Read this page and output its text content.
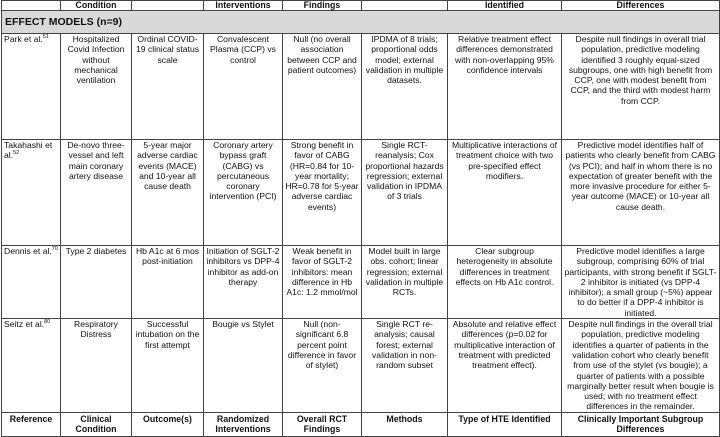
	Condition		Interventions	Findings		Identified	Differences
EFFECT MODELS (n=9)							
Park et al.$^{51}$	Hospitalized Covid Infection without mechanical ventilation	Ordinal COVID-19 clinical status scale	Convalescent Plasma (CCP) vs control	Null (no overall association between CCP and patient outcomes)	IPDMA of 8 trials; proportional odds model; external validation in multiple datasets.	Relative treatment effect differences demonstrated with non-overlapping 95% confidence intervals	Despite null findings in overall trial population, predictive modeling identified 3 roughly equal-sized subgroups, one with high benefit from CCP, one with modest benefit from CCP, and the third with modest harm from CCP.
Takahashi et al.$^{52}$	De-novo three-vessel and left main coronary artery disease	5-year major adverse cardiac events (MACE) and 10-year all cause death	Coronary artery bypass graft (CABG) vs percutaneous coronary intervention (PCI)	Strong benefit in favor of CABG (HR=0.84 for 10-year mortality; HR=0.78 for 5-year adverse cardiac events)	Single RCT-reanalysis; Cox proportional hazards regression; external validation in IPDMA of 3 trials	Multiplicative interactions of treatment choice with two pre-specified effect modifiers.	Predictive model identifies half of patients who clearly benefit from CABG (vs PCI); and half in whom there is no expectation of greater benefit with the more invasive procedure for either 5-year outcome (MACE) or 10-year all cause death.
Dennis et al.$^{70}$	Type 2 diabetes	Hb A1c at 6 mos post-initiation	Initiation of SGLT-2 inhibitors vs DPP-4 inhibitor as add-on therapy	Weak benefit in favor of SGLT-2 inhibitors: mean difference in Hb A1c: 1.2 mmol/mol	Model built in large obs. cohort; linear regression; external validation in multiple RCTs.	Clear subgroup heterogeneity in absolute differences in treatment effects on Hb A1c control.	Predictive model identifies a large subgroup, comprising 60% of trial participants, with strong benefit if SGLT-2 inhibitor is initiated (vs DPP-4 inhibitor); a small group (~5%) appear to do better if a DPP-4 inhibitor is initiated.
Seitz et al.$^{80}$	Respiratory Distress	Successful intubation on the first attempt	Bougie vs Stylet	Null (non-significant 6.8 percent point difference in favor of stylet)	Single RCT re-analysis; causal forest; external validation in non-random subset	Absolute and relative effect differences (p=0.02 for multiplicative interaction of treatment with predicted treatment effect).	Despite null findings in the overall trial population, predictive modeling identifies a quarter of patients in the validation cohort who clearly benefit from use of the stylet (vs bougie); a quarter of patients with a possible marginally better result when bougie is used; with no treatment effect differences in the remainder.
Reference	Clinical Condition	Outcome(s)	Randomized Interventions	Overall RCT Findings	Methods	Type of HTE Identified	Clinically Important Subgroup Differences
